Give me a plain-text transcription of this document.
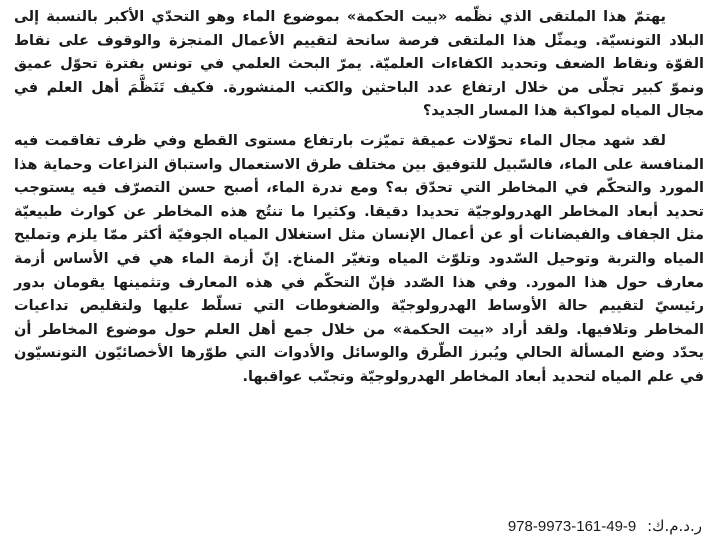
يهتمّ هذا الملتقى الذي نظّمه «بيت الحكمة» بموضوع الماء وهو التحدّي الأكبر بالنسبة إلى البلاد التونسيّة. ويمثّل هذا الملتقى فرصة سانحة لتقييم الأعمال المنجزة والوقوف على نقاط القوّة ونقاط الضعف وتحديد الكفاءات العلميّة. يمرّ البحث العلمي في تونس بفترة تحوّل عميق ونموّ كبير تجلّى من خلال ارتفاع عدد الباحثين والكتب المنشورة. فكيف تَنَظَّمَ أهل العلم في مجال المياه لمواكبة هذا المسار الجديد؟

لقد شهد مجال الماء تحوّلات عميقة تميّزت بارتفاع مستوى القطع وفي ظرف تفاقمت فيه المنافسة على الماء، فالسّبيل للتوفيق بين مختلف طرق الاستعمال واستباق النزاعات وحماية هذا المورد والتحكّم في المخاطر التي تحدّق به؟ ومع ندرة الماء، أصبح حسن التصرّف فيه يستوجب تحديد أبعاد المخاطر الهدرولوجيّة تحديدا دقيقا. وكثيرا ما تنتُج هذه المخاطر عن كوارث طبيعيّة مثل الجفاف والفيضانات أو عن أعمال الإنسان مثل استغلال المياه الجوفيّة أكثر ممّا يلزم وتمليح المياه والتربة وتوحيل السّدود وتلوّث المياه وتغيّر المناخ. إنّ أزمة الماء هي في الأساس أزمة معارف حول هذا المورد. وفي هذا الصّدد فإنّ التحكّم في هذه المعارف وتثمينها يقومان بدور رئيسيّ لتقييم حالة الأوساط الهدرولوجيّة والضغوطات التي تسلّط عليها ولتقليص تداعيات المخاطر وتلافيها. ولقد أراد «بيت الحكمة» من خلال جمع أهل العلم حول موضوع المخاطر أن يحدّد وضع المسألة الحالي ويُبرز الطّرق والوسائل والأدوات التي طوّرها الأخصائيّون التونسيّون في علم المياه لتحديد أبعاد المخاطر الهدرولوجيّة وتجنّب عواقبها.

ر.د.م.ك: 978-9973-161-49-9
